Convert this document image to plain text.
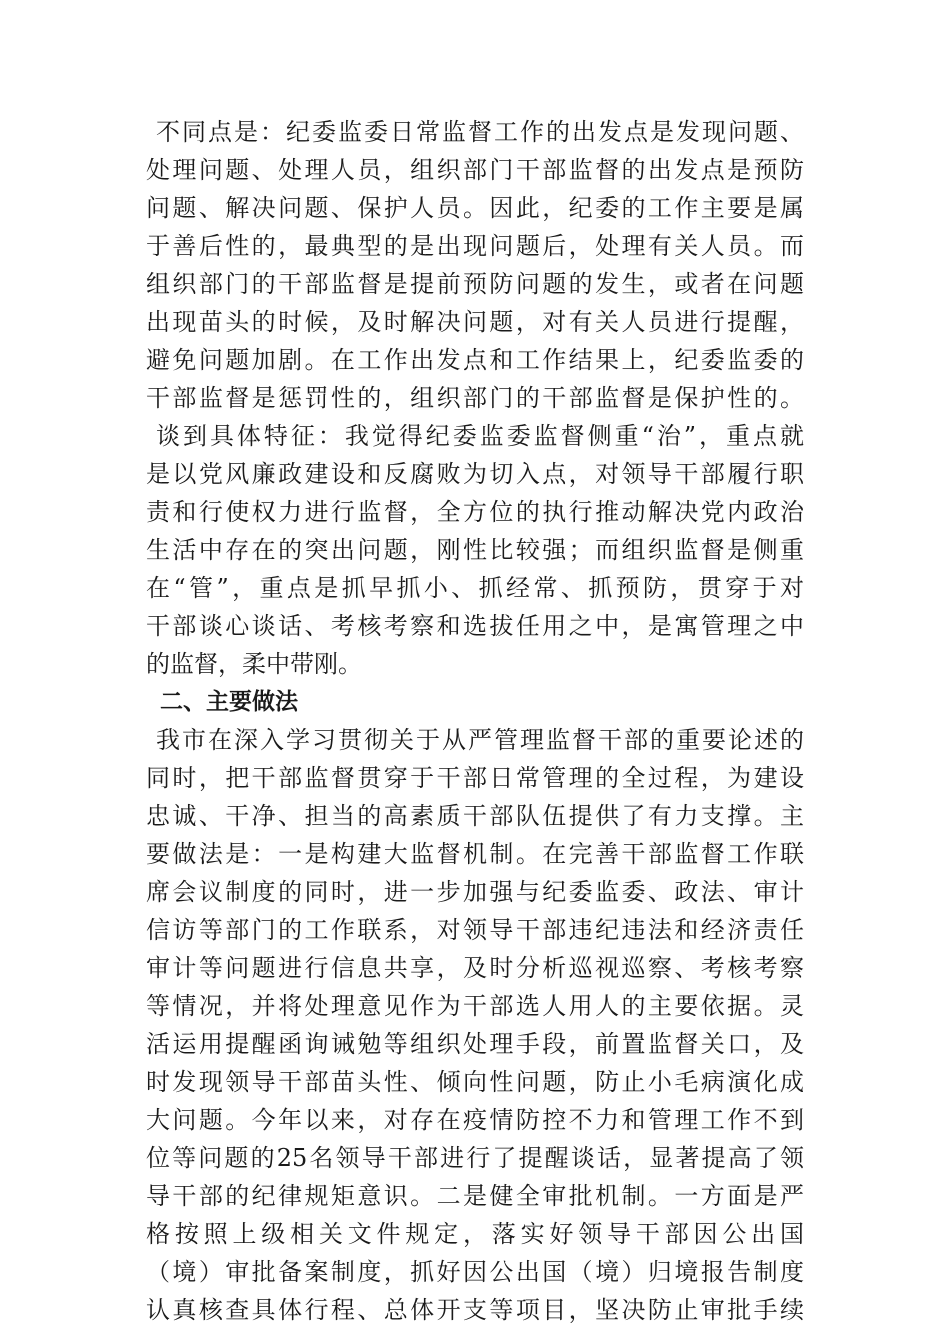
不同点是：纪委监委日常监督工作的出发点是发现问题、
处理问题、处理人员，组织部门干部监督的出发点是预防
问题、解决问题、保护人员。因此，纪委的工作主要是属
于善后性的，最典型的是出现问题后，处理有关人员。而
组织部门的干部监督是提前预防问题的发生，或者在问题
出现苗头的时候，及时解决问题，对有关人员进行提醒，
避免问题加剧。在工作出发点和工作结果上，纪委监委的
干部监督是惩罚性的，组织部门的干部监督是保护性的。
谈到具体特征：我觉得纪委监委监督侧重“治”，重点就
是以党风廉政建设和反腐败为切入点，对领导干部履行职
责和行使权力进行监督，全方位的执行推动解决党内政治
生活中存在的突出问题，刚性比较强；而组织监督是侧重
在“管”，重点是抓早抓小、抓经常、抓预防，贯穿于对
干部谈心谈话、考核考察和选拔任用之中，是寓管理之中
的监督，柔中带刚。
二、主要做法
我市在深入学习贯彻关于从严管理监督干部的重要论述的
同时，把干部监督贯穿于干部日常管理的全过程，为建设
忠诚、干净、担当的高素质干部队伍提供了有力支撑。主
要做法是：一是构建大监督机制。在完善干部监督工作联
席会议制度的同时，进一步加强与纪委监委、政法、审计
信访等部门的工作联系，对领导干部违纪违法和经济责任
审计等问题进行信息共享，及时分析巡视巡察、考核考察
等情况，并将处理意见作为干部选人用人的主要依据。灵
活运用提醒函询诫勉等组织处理手段，前置监督关口，及
时发现领导干部苗头性、倾向性问题，防止小毛病演化成
大问题。今年以来，对存在疫情防控不力和管理工作不到
位等问题的25名领导干部进行了提醒谈话，显著提高了领
导干部的纪律规矩意识。二是健全审批机制。一方面是严
格按照上级相关文件规定，落实好领导干部因公出国
（境）审批备案制度，抓好因公出国（境）归境报告制度
认真核查具体行程、总体开支等项目，坚决防止审批手续
